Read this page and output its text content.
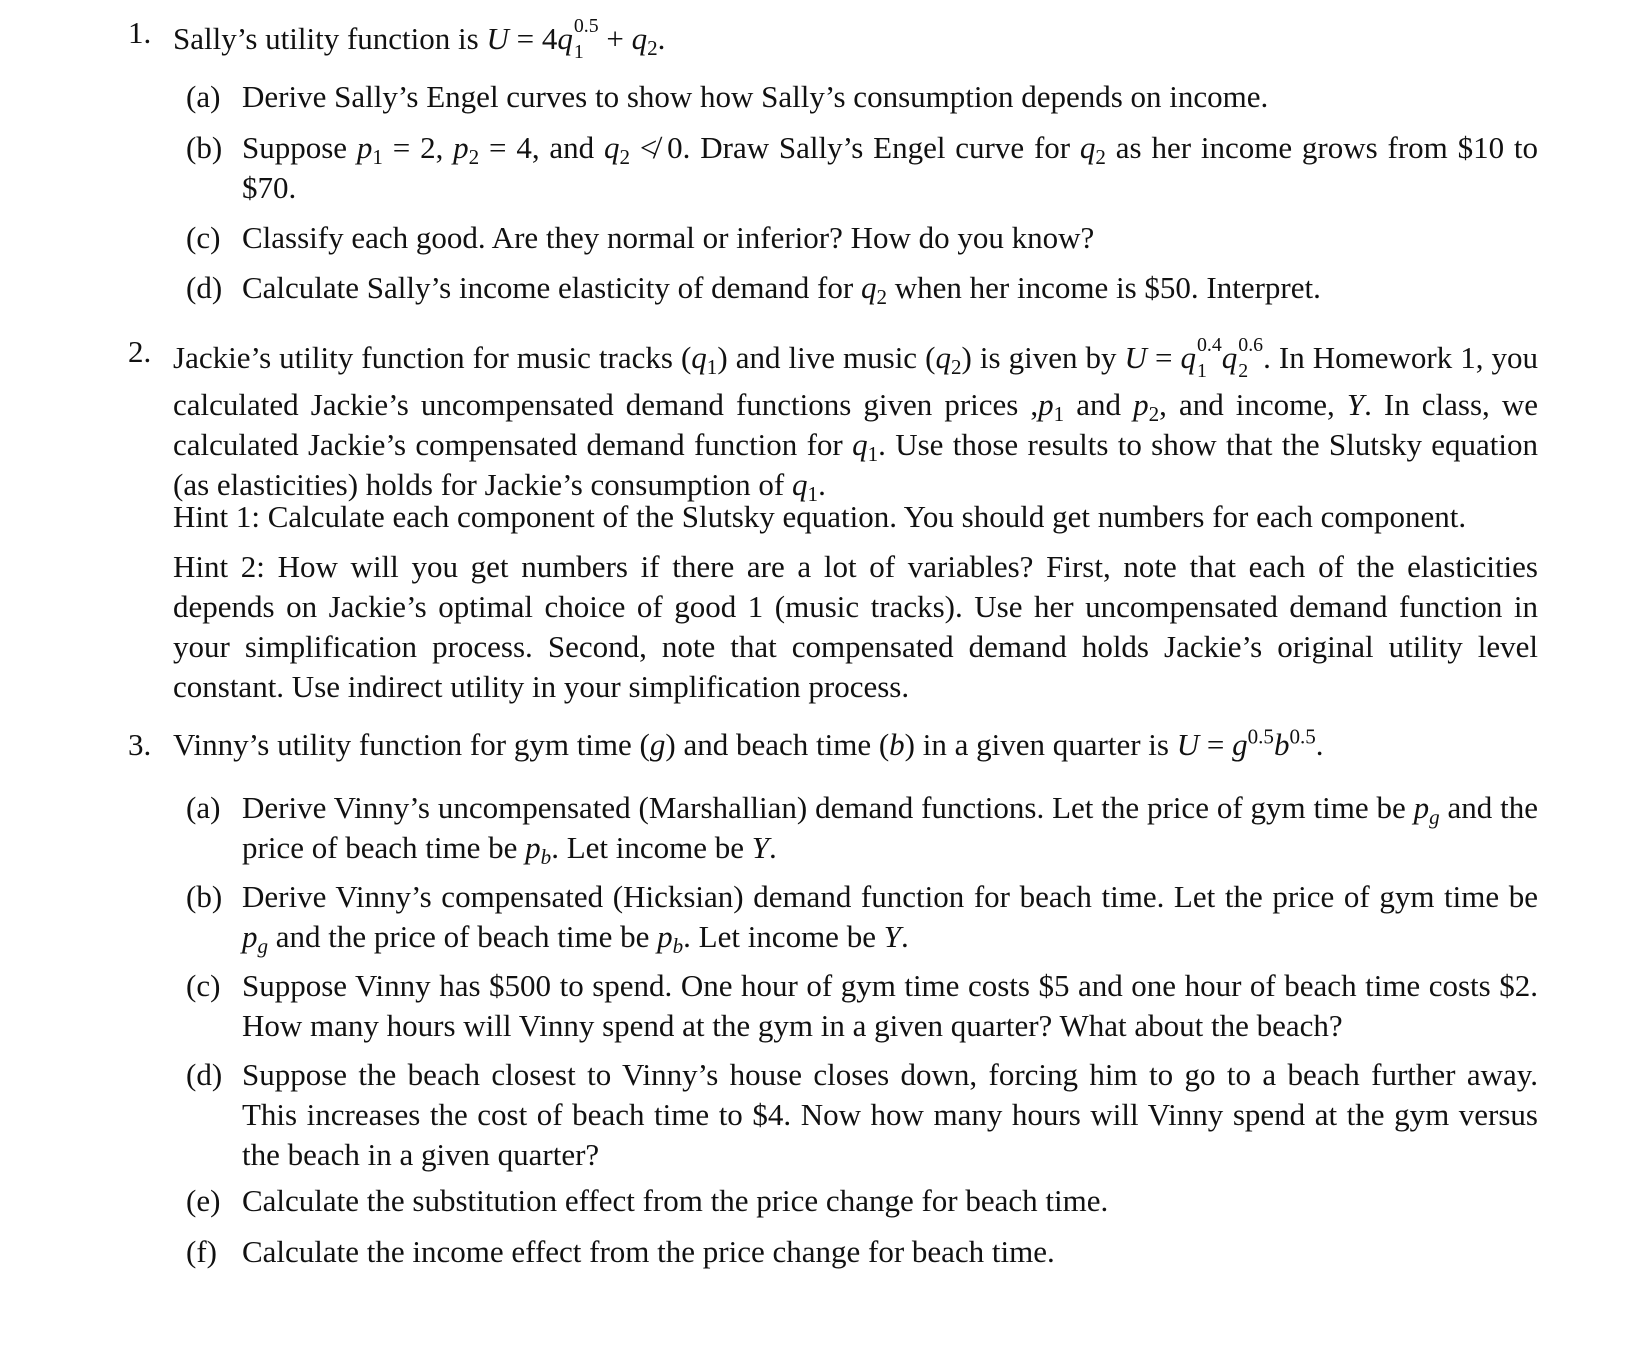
1. Sally’s utility function is U = 4q 0.5
$1 + q_2$.
(a) Derive Sally’s Engel curves to show how Sally’s consumption depends on income.
(b) Suppose $p_1 = 2$, $p_2 = 4$, and $q_2$ ≮ 0. Draw Sally’s Engel curve for $q_2$ as her income grows from $10 to $70.
(c) Classify each good. Are they normal or inferior? How do you know?
(d) Calculate Sally’s income elasticity of demand for $q_2$ when her income is $50. Interpret.
2. Jackie’s utility function for music tracks $(q_1)$ and live music $(q_2)$ is given by U = q 0.4
1 q 0.6
2 . In Homework 1, you calculated Jackie’s uncompensated demand functions given prices $,p_1$ and $p_2$, and income, Y. In class, we calculated Jackie’s compensated demand function for $q_1$. Use those results to show that the Slutsky equation (as elasticities) holds for Jackie’s consumption of $q_1$.
Hint 1: Calculate each component of the Slutsky equation. You should get numbers for each component.
Hint 2: How will you get numbers if there are a lot of variables? First, note that each of the elasticities depends on Jackie’s optimal choice of good 1 (music tracks). Use her uncompensated demand function in your simplification process. Second, note that compensated demand holds Jackie’s original utility level constant. Use indirect utility in your simplification process.
3. Vinny’s utility function for gym time (g) and beach time (b) in a given quarter is $U = g^{0.5}b^{0.5}$.
(a) Derive Vinny’s uncompensated (Marshallian) demand functions. Let the price of gym time be $p_g$ and the price of beach time be $p_b$. Let income be Y.
(b) Derive Vinny’s compensated (Hicksian) demand function for beach time. Let the price of gym time be $p_g$ and the price of beach time be $p_b$. Let income be Y.
(c) Suppose Vinny has $500 to spend. One hour of gym time costs $5 and one hour of beach time costs $2. How many hours will Vinny spend at the gym in a given quarter? What about the beach?
(d) Suppose the beach closest to Vinny’s house closes down, forcing him to go to a beach further away. This increases the cost of beach time to $4. Now how many hours will Vinny spend at the gym versus the beach in a given quarter?
(e) Calculate the substitution effect from the price change for beach time.
(f) Calculate the income effect from the price change for beach time.
